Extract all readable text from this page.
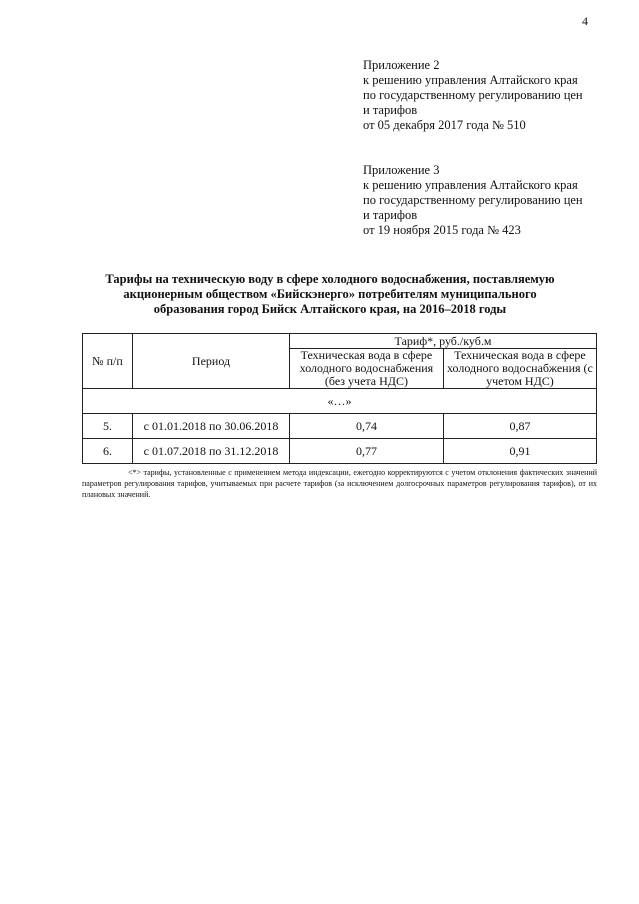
4
Приложение 2
к решению управления Алтайского края
по государственному регулированию цен
и тарифов
от 05 декабря 2017 года № 510
Приложение 3
к решению управления Алтайского края
по государственному регулированию цен
и тарифов
от 19 ноября 2015 года № 423
Тарифы на техническую воду в сфере холодного водоснабжения, поставляемую
акционерным обществом «Бийскэнерго» потребителям муниципального
образования город Бийск Алтайского края, на 2016–2018 годы
№ п/п	Период	Тариф*, руб./куб.м	
		Техническая вода в сфере холодного водоснабжения (без учета НДС)	Техническая вода в сфере холодного водоснабжения (с учетом НДС)
«…»			
5.	с 01.01.2018 по 30.06.2018	0,74	0,87
6.	с 01.07.2018 по 31.12.2018	0,77	0,91
<*> тарифы, установленные с применением метода индексации, ежегодно корректируются с учетом отклонения фактических значений параметров регулирования тарифов, учитываемых при расчете тарифов (за исключением долгосрочных параметров регулирования тарифов), от их плановых значений.
